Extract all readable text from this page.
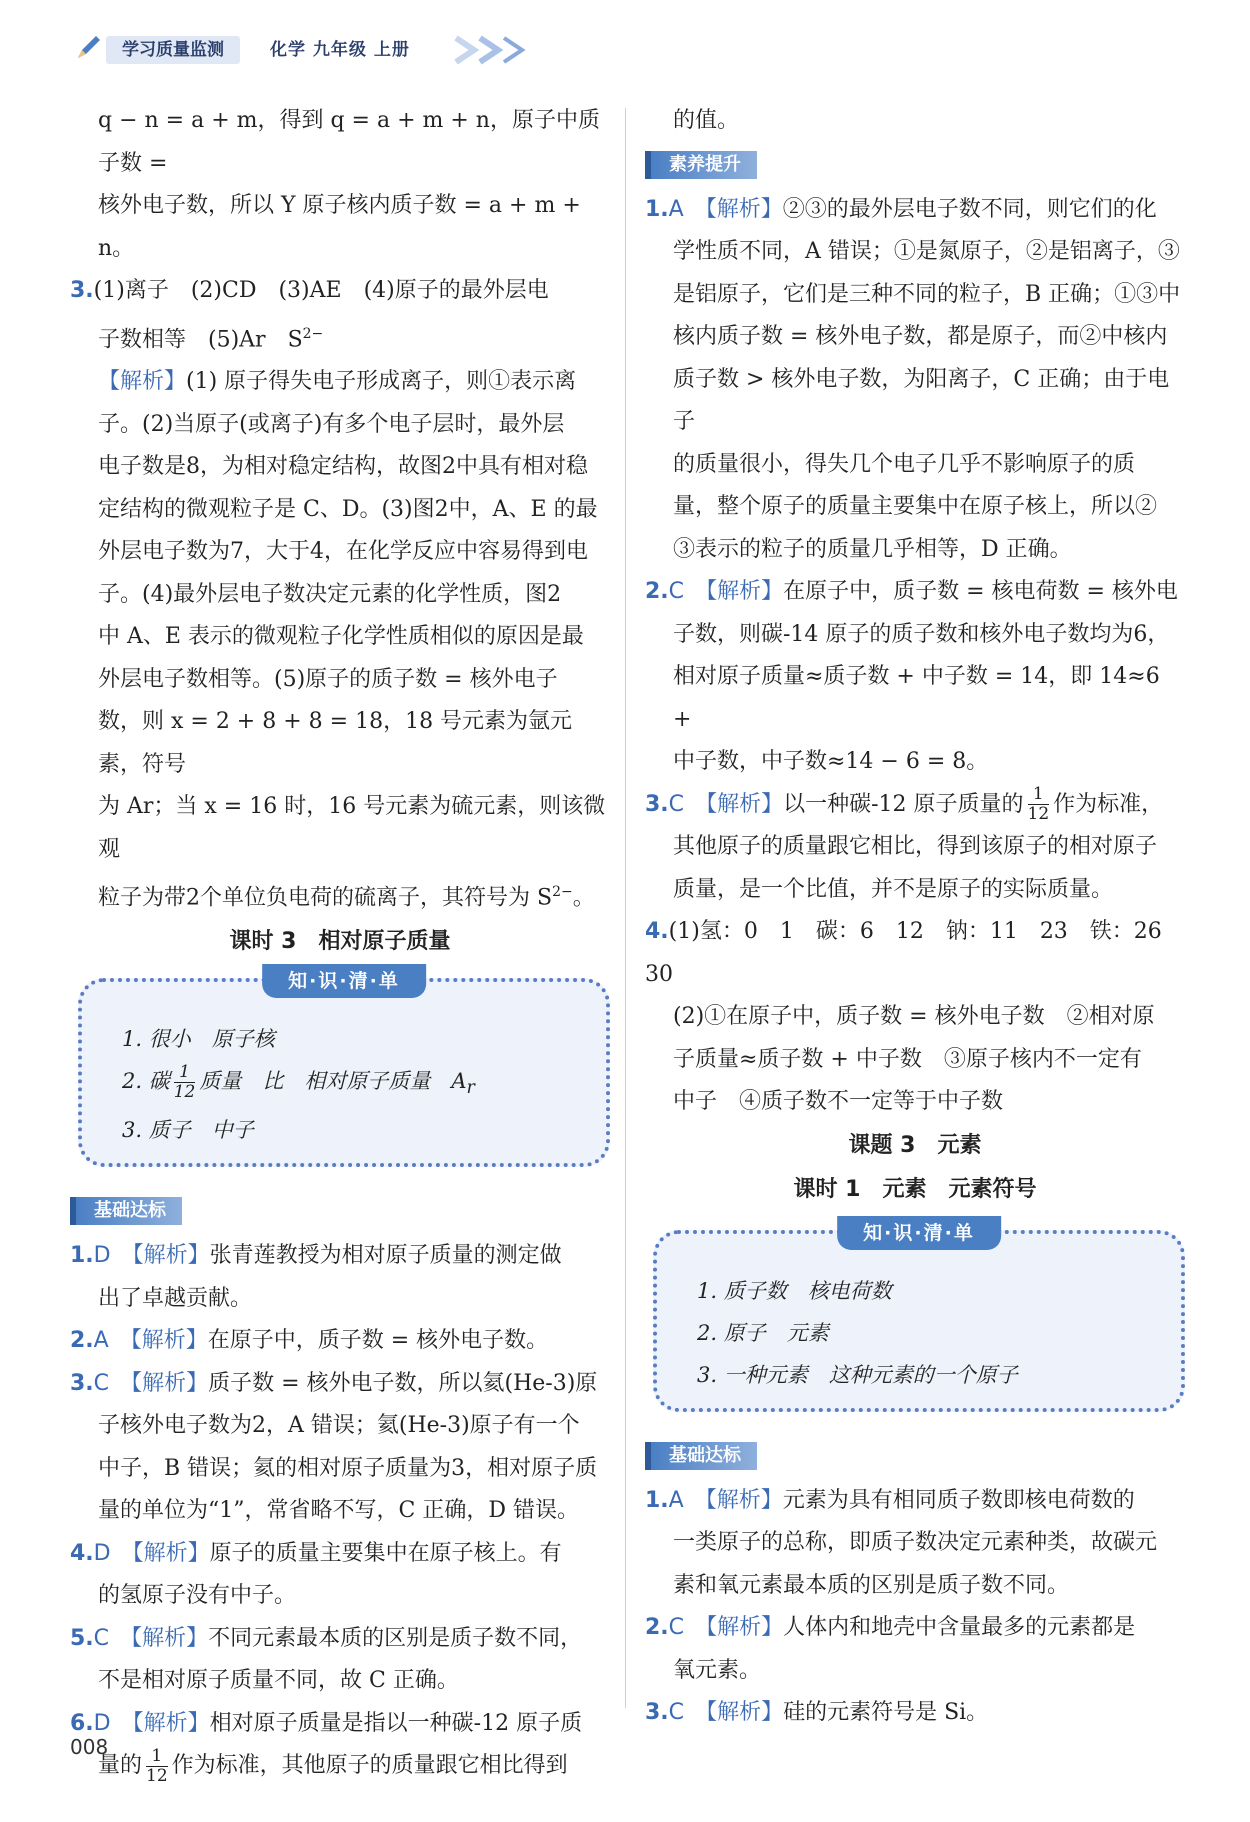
学习质量监测	化学 九年级 上册

q − n = a + m，得到 q = a + m + n，原子中质子数 =

核外电子数，所以 Y 原子核内质子数 = a + m + n。

3.(1)离子　(2)CD　(3)AE　(4)原子的最外层电

子数相等　(5)Ar　$S^{2-}$

【解析】(1) 原子得失电子形成离子，则①表示离

子。(2)当原子(或离子)有多个电子层时，最外层

电子数是8，为相对稳定结构，故图2中具有相对稳

定结构的微观粒子是 C、D。(3)图2中，A、E 的最

外层电子数为7，大于4，在化学反应中容易得到电

子。(4)最外层电子数决定元素的化学性质，图2

中 A、E 表示的微观粒子化学性质相似的原因是最

外层电子数相等。(5)原子的质子数 = 核外电子

数，则 x = 2 + 8 + 8 = 18，18 号元素为氩元素，符号

为 Ar；当 x = 16 时，16 号元素为硫元素，则该微观

粒子为带2个单位负电荷的硫离子，其符号为 $S^{2-}$。

课时 3　相对原子质量
知·识·清·单
1. 很小　原子核
2. 碳 $\frac{1}{12}$ 质量　比　相对原子质量　$A_r$
3. 质子　中子
基础达标

1.D　 【解析】张青莲教授为相对原子质量的测定做

出了卓越贡献。

2.A　 【解析】在原子中，质子数 = 核外电子数。

3.C　 【解析】质子数 = 核外电子数，所以氦(He-3)原

子核外电子数为2，A 错误；氦(He-3)原子有一个

中子，B 错误；氦的相对原子质量为3，相对原子质

量的单位为“1”，常省略不写，C 正确，D 错误。

4.D　 【解析】原子的质量主要集中在原子核上。有

的氢原子没有中子。

5.C　 【解析】不同元素最本质的区别是质子数不同，

不是相对原子质量不同，故 C 正确。

6.D　 【解析】相对原子质量是指以一种碳-12 原子质

量的 $\frac{1}{12}$ 作为标准，其他原子的质量跟它相比得到

的值。

素养提升

1.A　 【解析】②③的最外层电子数不同，则它们的化

学性质不同，A 错误；①是氮原子，②是铝离子，③

是铝原子，它们是三种不同的粒子，B 正确；①③中

核内质子数 = 核外电子数，都是原子，而②中核内

质子数 > 核外电子数，为阳离子，C 正确；由于电子

的质量很小，得失几个电子几乎不影响原子的质

量，整个原子的质量主要集中在原子核上，所以②

③表示的粒子的质量几乎相等，D 正确。

2.C　 【解析】在原子中，质子数 = 核电荷数 = 核外电

子数，则碳-14 原子的质子数和核外电子数均为6，

相对原子质量≈质子数 + 中子数 = 14，即 14≈6 +

中子数，中子数≈14 − 6 = 8。

3.C　 【解析】以一种碳-12 原子质量的 $\frac{1}{12}$ 作为标准，

其他原子的质量跟它相比，得到该原子的相对原子

质量，是一个比值，并不是原子的实际质量。

4.(1)氢：0　1　碳：6　12　钠：11　23　铁：26　30

(2)①在原子中，质子数 = 核外电子数　②相对原

子质量≈质子数 + 中子数　③原子核内不一定有

中子　④质子数不一定等于中子数

课题 3　元素
课时 1　元素　元素符号
知·识·清·单
1. 质子数　核电荷数
2. 原子　元素
3. 一种元素　这种元素的一个原子
基础达标

1.A　 【解析】元素为具有相同质子数即核电荷数的

一类原子的总称，即质子数决定元素种类，故碳元

素和氧元素最本质的区别是质子数不同。

2.C　 【解析】人体内和地壳中含量最多的元素都是

氧元素。

3.C　 【解析】硅的元素符号是 Si。

008
